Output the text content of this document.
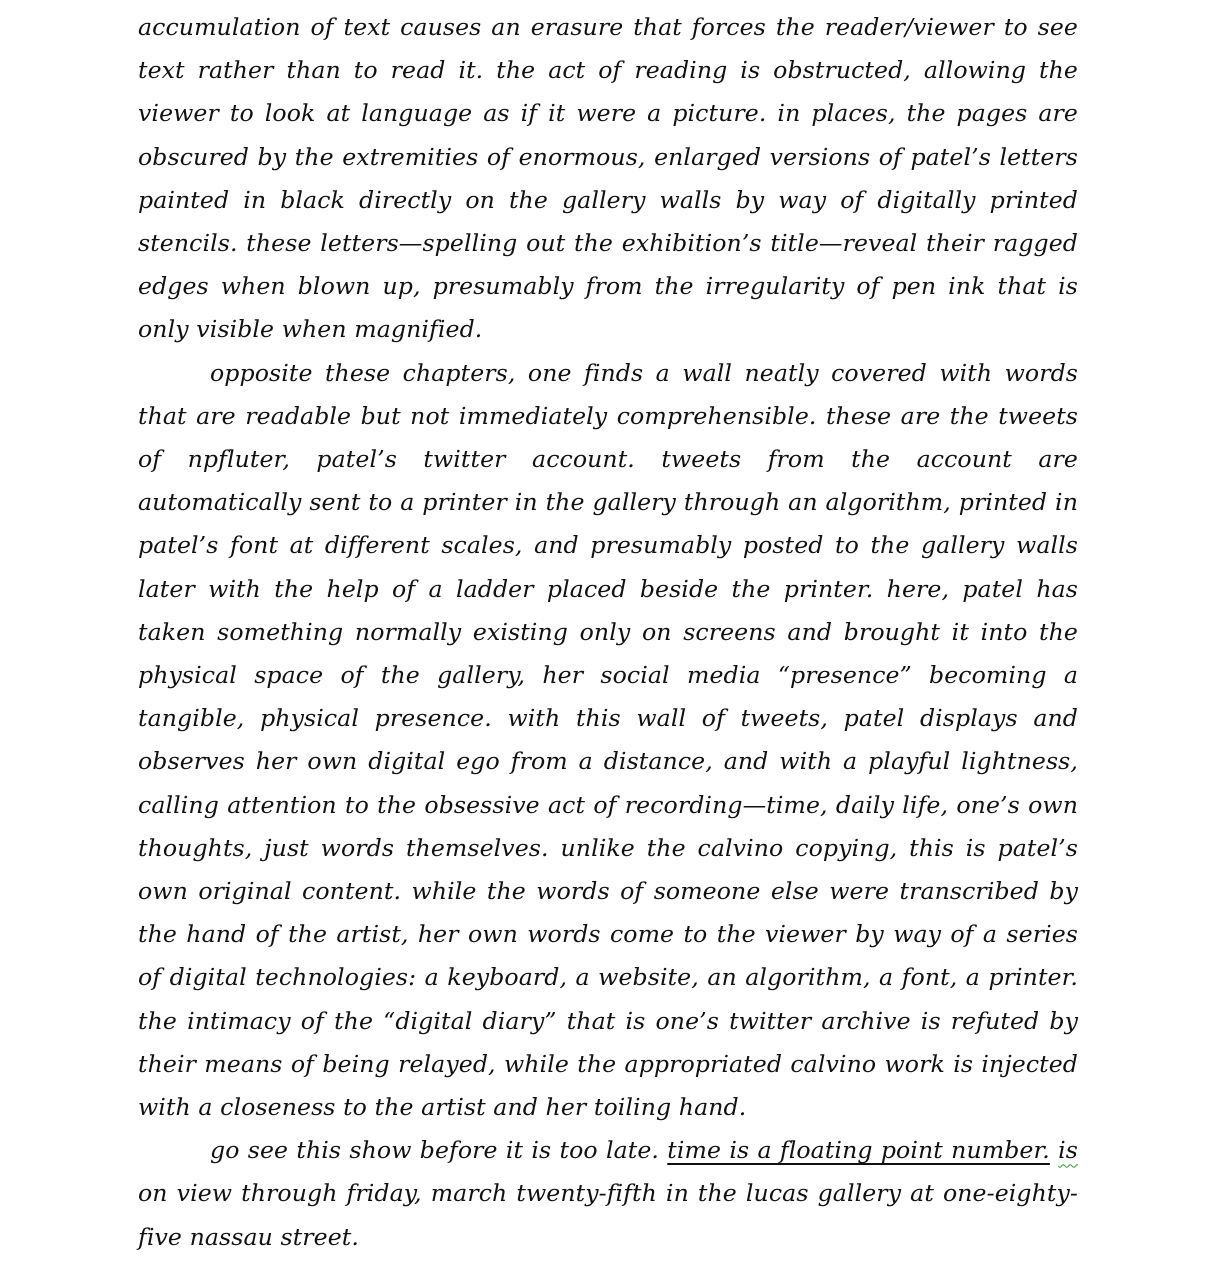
accumulation of text causes an erasure that forces the reader/viewer to see text rather than to read it. the act of reading is obstructed, allowing the viewer to look at language as if it were a picture. in places, the pages are obscured by the extremities of enormous, enlarged versions of patel’s letters painted in black directly on the gallery walls by way of digitally printed stencils. these letters—spelling out the exhibition’s title—reveal their ragged edges when blown up, presumably from the irregularity of pen ink that is only visible when magnified.

opposite these chapters, one finds a wall neatly covered with words that are readable but not immediately comprehensible. these are the tweets of npfluter, patel’s twitter account. tweets from the account are automatically sent to a printer in the gallery through an algorithm, printed in patel’s font at different scales, and presumably posted to the gallery walls later with the help of a ladder placed beside the printer. here, patel has taken something normally existing only on screens and brought it into the physical space of the gallery, her social media “presence” becoming a tangible, physical presence. with this wall of tweets, patel displays and observes her own digital ego from a distance, and with a playful lightness, calling attention to the obsessive act of recording—time, daily life, one’s own thoughts, just words themselves. unlike the calvino copying, this is patel’s own original content. while the words of someone else were transcribed by the hand of the artist, her own words come to the viewer by way of a series of digital technologies: a keyboard, a website, an algorithm, a font, a printer. the intimacy of the “digital diary” that is one’s twitter archive is refuted by their means of being relayed, while the appropriated calvino work is injected with a closeness to the artist and her toiling hand.

go see this show before it is too late. time is a floating point number. is on view through friday, march twenty-fifth in the lucas gallery at one-eighty-five nassau street.
